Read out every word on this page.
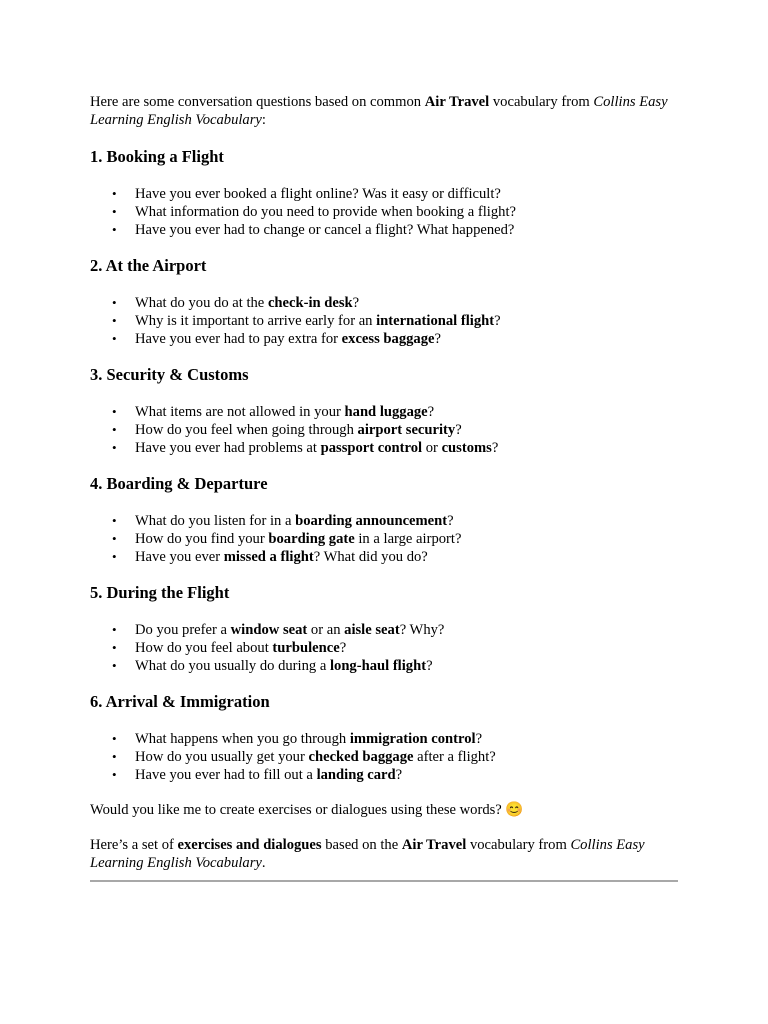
Here are some conversation questions based on common Air Travel vocabulary from Collins Easy Learning English Vocabulary:

1. Booking a Flight
• Have you ever booked a flight online? Was it easy or difficult?
• What information do you need to provide when booking a flight?
• Have you ever had to change or cancel a flight? What happened?
2. At the Airport
• What do you do at the check-in desk?
• Why is it important to arrive early for an international flight?
• Have you ever had to pay extra for excess baggage?
3. Security & Customs
• What items are not allowed in your hand luggage?
• How do you feel when going through airport security?
• Have you ever had problems at passport control or customs?
4. Boarding & Departure
• What do you listen for in a boarding announcement?
• How do you find your boarding gate in a large airport?
• Have you ever missed a flight? What did you do?
5. During the Flight
• Do you prefer a window seat or an aisle seat? Why?
• How do you feel about turbulence?
• What do you usually do during a long-haul flight?
6. Arrival & Immigration
• What happens when you go through immigration control?
• How do you usually get your checked baggage after a flight?
• Have you ever had to fill out a landing card?

Would you like me to create exercises or dialogues using these words? 😊

Here’s a set of exercises and dialogues based on the Air Travel vocabulary from Collins Easy Learning English Vocabulary.
